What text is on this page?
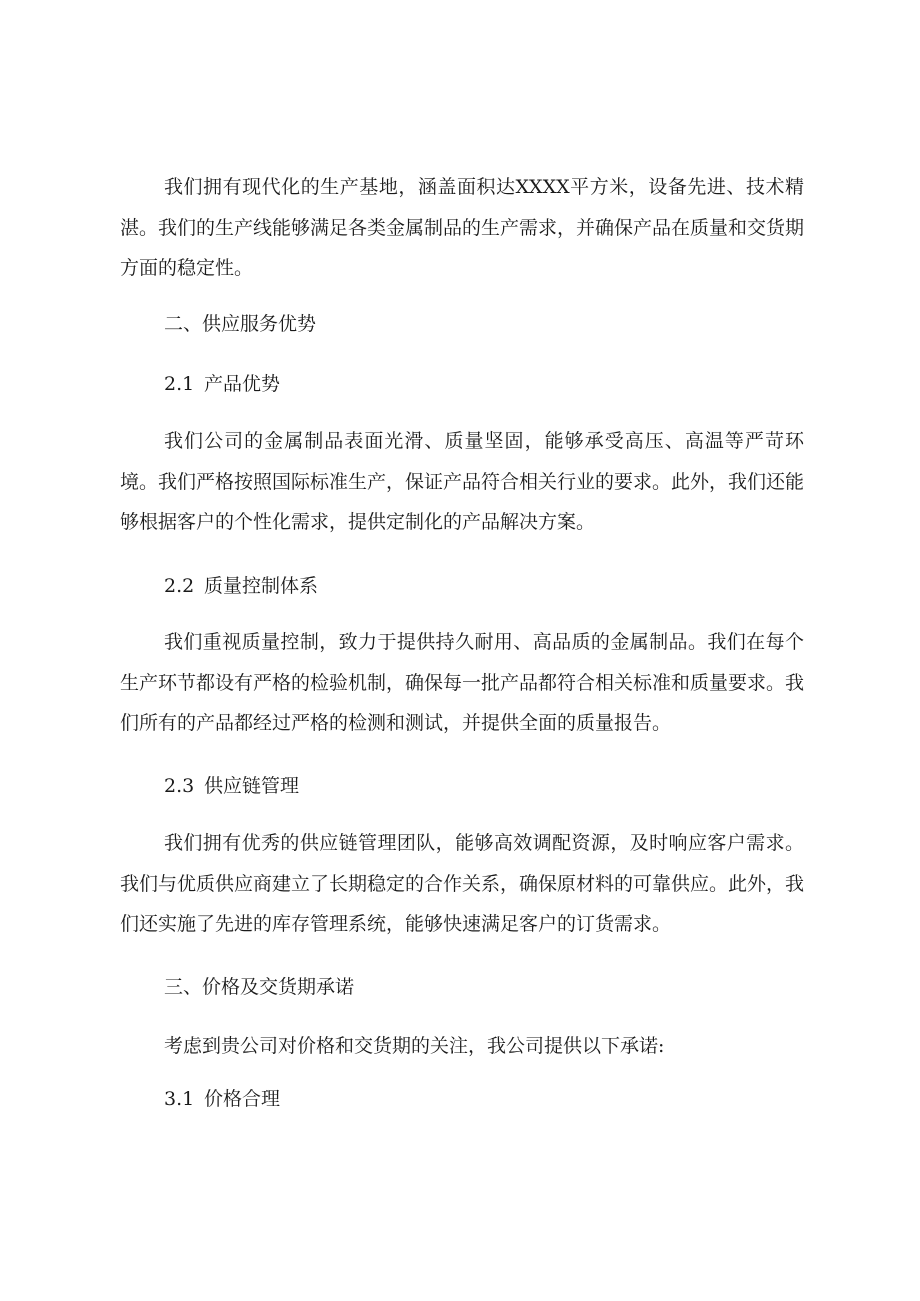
我们拥有现代化的生产基地，涵盖面积达XXXX平方米，设备先进、技术精湛。我们的生产线能够满足各类金属制品的生产需求，并确保产品在质量和交货期方面的稳定性。

二、供应服务优势

2.1 产品优势

我们公司的金属制品表面光滑、质量坚固，能够承受高压、高温等严苛环境。我们严格按照国际标准生产，保证产品符合相关行业的要求。此外，我们还能够根据客户的个性化需求，提供定制化的产品解决方案。

2.2 质量控制体系

我们重视质量控制，致力于提供持久耐用、高品质的金属制品。我们在每个生产环节都设有严格的检验机制，确保每一批产品都符合相关标准和质量要求。我们所有的产品都经过严格的检测和测试，并提供全面的质量报告。

2.3 供应链管理

我们拥有优秀的供应链管理团队，能够高效调配资源，及时响应客户需求。我们与优质供应商建立了长期稳定的合作关系，确保原材料的可靠供应。此外，我们还实施了先进的库存管理系统，能够快速满足客户的订货需求。

三、价格及交货期承诺

考虑到贵公司对价格和交货期的关注，我公司提供以下承诺:

3.1 价格合理
